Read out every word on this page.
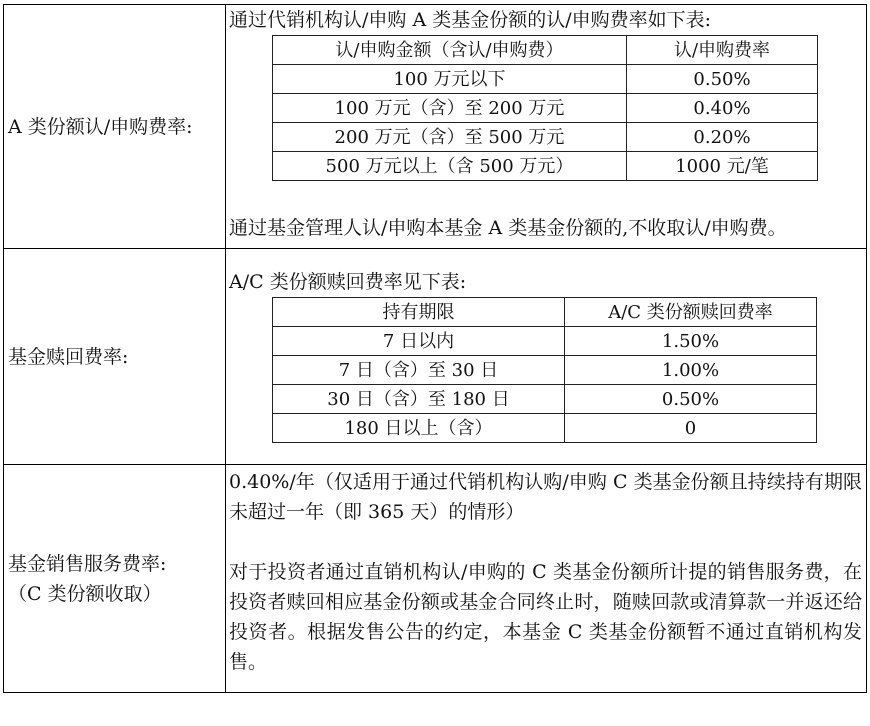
A 类份额认/申购费率:	
通过代销机构认/申购 A 类基金份额的认/申购费率如下表:
认/申购金额（含认/申购费）	认/申购费率
100 万元以下	0.50%
100 万元（含）至 200 万元	0.40%
200 万元（含）至 500 万元	0.20%
500 万元以上（含 500 万元）	1000 元/笔
通过基金管理人认/申购本基金 A 类基金份额的,不收取认/申购费。

基金赎回费率:	
A/C 类份额赎回费率见下表:
持有期限	A/C 类份额赎回费率
7 日以内	1.50%
7 日（含）至 30 日	1.00%
30 日（含）至 180 日	0.50%
180 日以上（含）	0

基金销售服务费率:
（C 类份额收取）

0.40%/年（仅适用于通过代销机构认购/申购 C 类基金份额且持续持有期限未超过一年（即 365 天）的情形）
对于投资者通过直销机构认/申购的 C 类基金份额所计提的销售服务费，在投资者赎回相应基金份额或基金合同终止时，随赎回款或清算款一并返还给投资者。根据发售公告的约定，本基金 C 类基金份额暂不通过直销机构发售。
